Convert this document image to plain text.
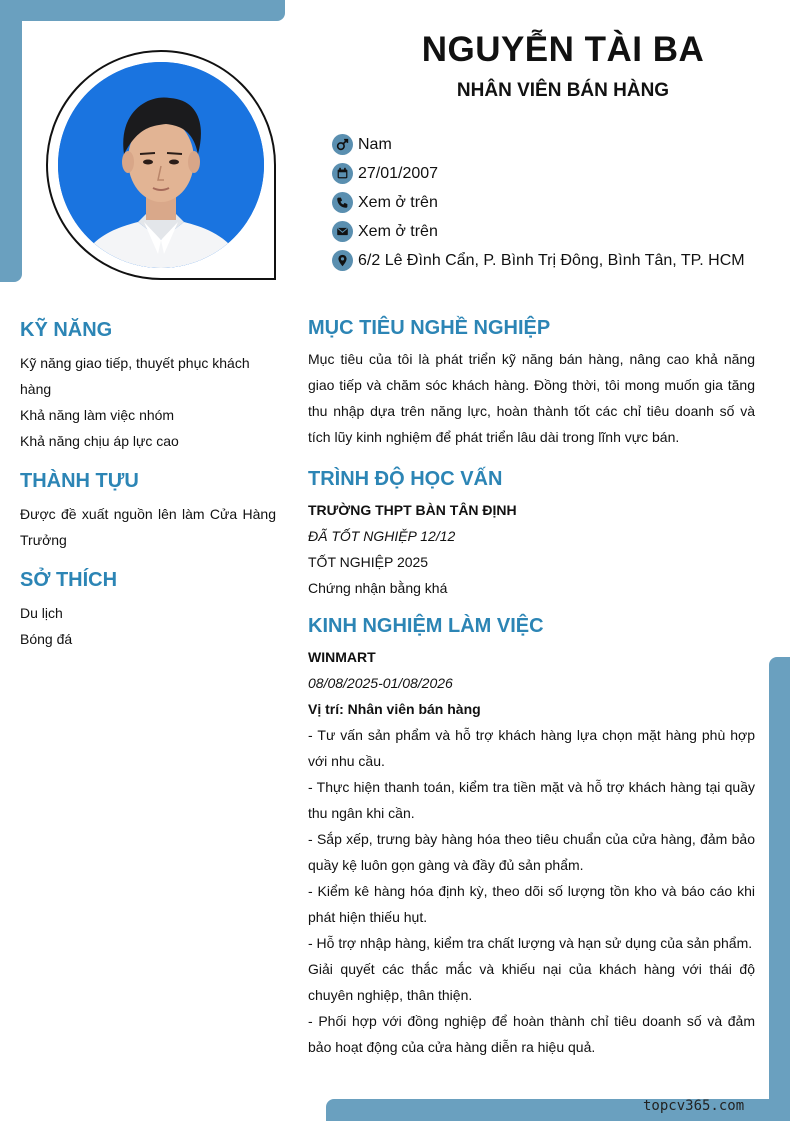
NGUYỄN TÀI BA
NHÂN VIÊN BÁN HÀNG
Nam
27/01/2007
Xem ở trên
Xem ở trên
6/2 Lê Đình Cẩn, P. Bình Trị Đông, Bình Tân, TP. HCM
KỸ NĂNG
Kỹ năng giao tiếp, thuyết phục khách hàng
Khả năng làm việc nhóm
Khả năng chịu áp lực cao
THÀNH TỰU
Được đề xuất nguồn lên làm Cửa Hàng Trưởng
SỞ THÍCH
Du lịch
Bóng đá
MỤC TIÊU NGHỀ NGHIỆP
Mục tiêu của tôi là phát triển kỹ năng bán hàng, nâng cao khả năng giao tiếp và chăm sóc khách hàng. Đồng thời, tôi mong muốn gia tăng thu nhập dựa trên năng lực, hoàn thành tốt các chỉ tiêu doanh số và tích lũy kinh nghiệm để phát triển lâu dài trong lĩnh vực bán.
TRÌNH ĐỘ HỌC VẤN
TRƯỜNG THPT BÀN TÂN ĐỊNH
ĐÃ TỐT NGHIỆP 12/12
TỐT NGHIỆP 2025
Chứng nhận bằng khá
KINH NGHIỆM LÀM VIỆC
WINMART
08/08/2025-01/08/2026
Vị trí: Nhân viên bán hàng
- Tư vấn sản phẩm và hỗ trợ khách hàng lựa chọn mặt hàng phù hợp với nhu cầu.
- Thực hiện thanh toán, kiểm tra tiền mặt và hỗ trợ khách hàng tại quầy thu ngân khi cần.
- Sắp xếp, trưng bày hàng hóa theo tiêu chuẩn của cửa hàng, đảm bảo quầy kệ luôn gọn gàng và đầy đủ sản phẩm.
- Kiểm kê hàng hóa định kỳ, theo dõi số lượng tồn kho và báo cáo khi phát hiện thiếu hụt.
- Hỗ trợ nhập hàng, kiểm tra chất lượng và hạn sử dụng của sản phẩm.
Giải quyết các thắc mắc và khiếu nại của khách hàng với thái độ chuyên nghiệp, thân thiện.
- Phối hợp với đồng nghiệp để hoàn thành chỉ tiêu doanh số và đảm bảo hoạt động của cửa hàng diễn ra hiệu quả.
topcv365.com
